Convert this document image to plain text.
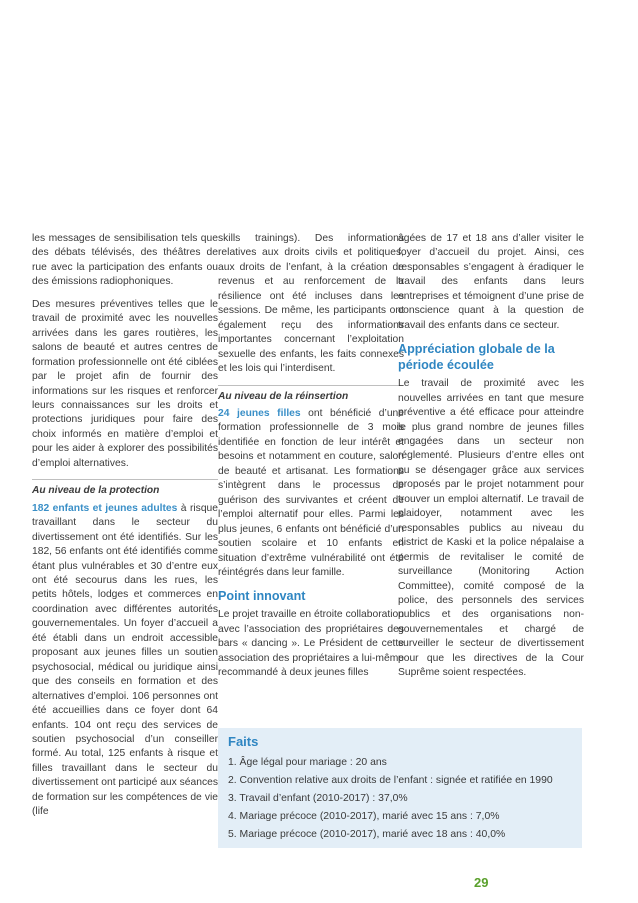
les messages de sensibilisation tels que des débats télévisés, des théâtres de rue avec la participation des enfants ou des émissions radiophoniques.

Des mesures préventives telles que le travail de proximité avec les nouvelles arrivées dans les gares routières, les salons de beauté et autres centres de formation professionnelle ont été ciblées par le projet afin de fournir des informations sur les risques et renforcer leurs connaissances sur les droits et protections juridiques pour faire des choix informés en matière d’emploi et pour les aider à explorer des possibilités d’emploi alternatives.

Au niveau de la protection

182 enfants et jeunes adultes à risque travaillant dans le secteur du divertissement ont été identifiés. Sur les 182, 56 enfants ont été identifiés comme étant plus vulnérables et 30 d’entre eux ont été secourus dans les rues, les petits hôtels, lodges et commerces en coordination avec différentes autorités gouvernementales. Un foyer d’accueil a été établi dans un endroit accessible proposant aux jeunes filles un soutien psychosocial, médical ou juridique ainsi que des conseils en formation et des alternatives d’emploi. 106 personnes ont été accueillies dans ce foyer dont 64 enfants. 104 ont reçu des services de soutien psychosocial d’un conseiller formé. Au total, 125 enfants à risque et filles travaillant dans le secteur du divertissement ont participé aux séances de formation sur les compétences de vie (life

skills trainings). Des informations relatives aux droits civils et politiques, aux droits de l’enfant, à la création de revenus et au renforcement de la résilience ont été incluses dans les sessions. De même, les participants ont également reçu des informations importantes concernant l’exploitation sexuelle des enfants, les faits connexes et les lois qui l’interdisent.

Au niveau de la réinsertion

24 jeunes filles ont bénéficié d’une formation professionnelle de 3 mois identifiée en fonction de leur intérêt et besoins et notamment en couture, salon de beauté et artisanat. Les formations s’intègrent dans le processus de guérison des survivantes et créent de l’emploi alternatif pour elles. Parmi les plus jeunes, 6 enfants ont bénéficié d’un soutien scolaire et 10 enfants en situation d’extrême vulnérabilité ont été réintégrés dans leur famille.

Point innovant

Le projet travaille en étroite collaboration avec l’association des propriétaires des bars « dancing ». Le Président de cette association des propriétaires a lui-même recommandé à deux jeunes filles

âgées de 17 et 18 ans d’aller visiter le foyer d’accueil du projet. Ainsi, ces responsables s’engagent à éradiquer le travail des enfants dans leurs entreprises et témoignent d’une prise de conscience quant à la question de travail des enfants dans ce secteur.

Appréciation globale de la période écoulée

Le travail de proximité avec les nouvelles arrivées en tant que mesure préventive a été efficace pour atteindre le plus grand nombre de jeunes filles engagées dans un secteur non réglementé. Plusieurs d’entre elles ont pu se désengager grâce aux services proposés par le projet notamment pour trouver un emploi alternatif. Le travail de plaidoyer, notamment avec les responsables publics au niveau du district de Kaski et la police népalaise a permis de revitaliser le comité de surveillance (Monitoring Action Committee), comité composé de la police, des personnels des services publics et des organisations non-gouvernementales et chargé de surveiller le secteur de divertissement pour que les directives de la Cour Suprême soient respectées.

Faits
1. Âge légal pour mariage : 20 ans
2. Convention relative aux droits de l’enfant : signée et ratifiée en 1990
3. Travail d’enfant (2010-2017) : 37,0%
4. Mariage précoce (2010-2017), marié avec 15 ans : 7,0%
5. Mariage précoce (2010-2017), marié avec 18 ans : 40,0%
29
